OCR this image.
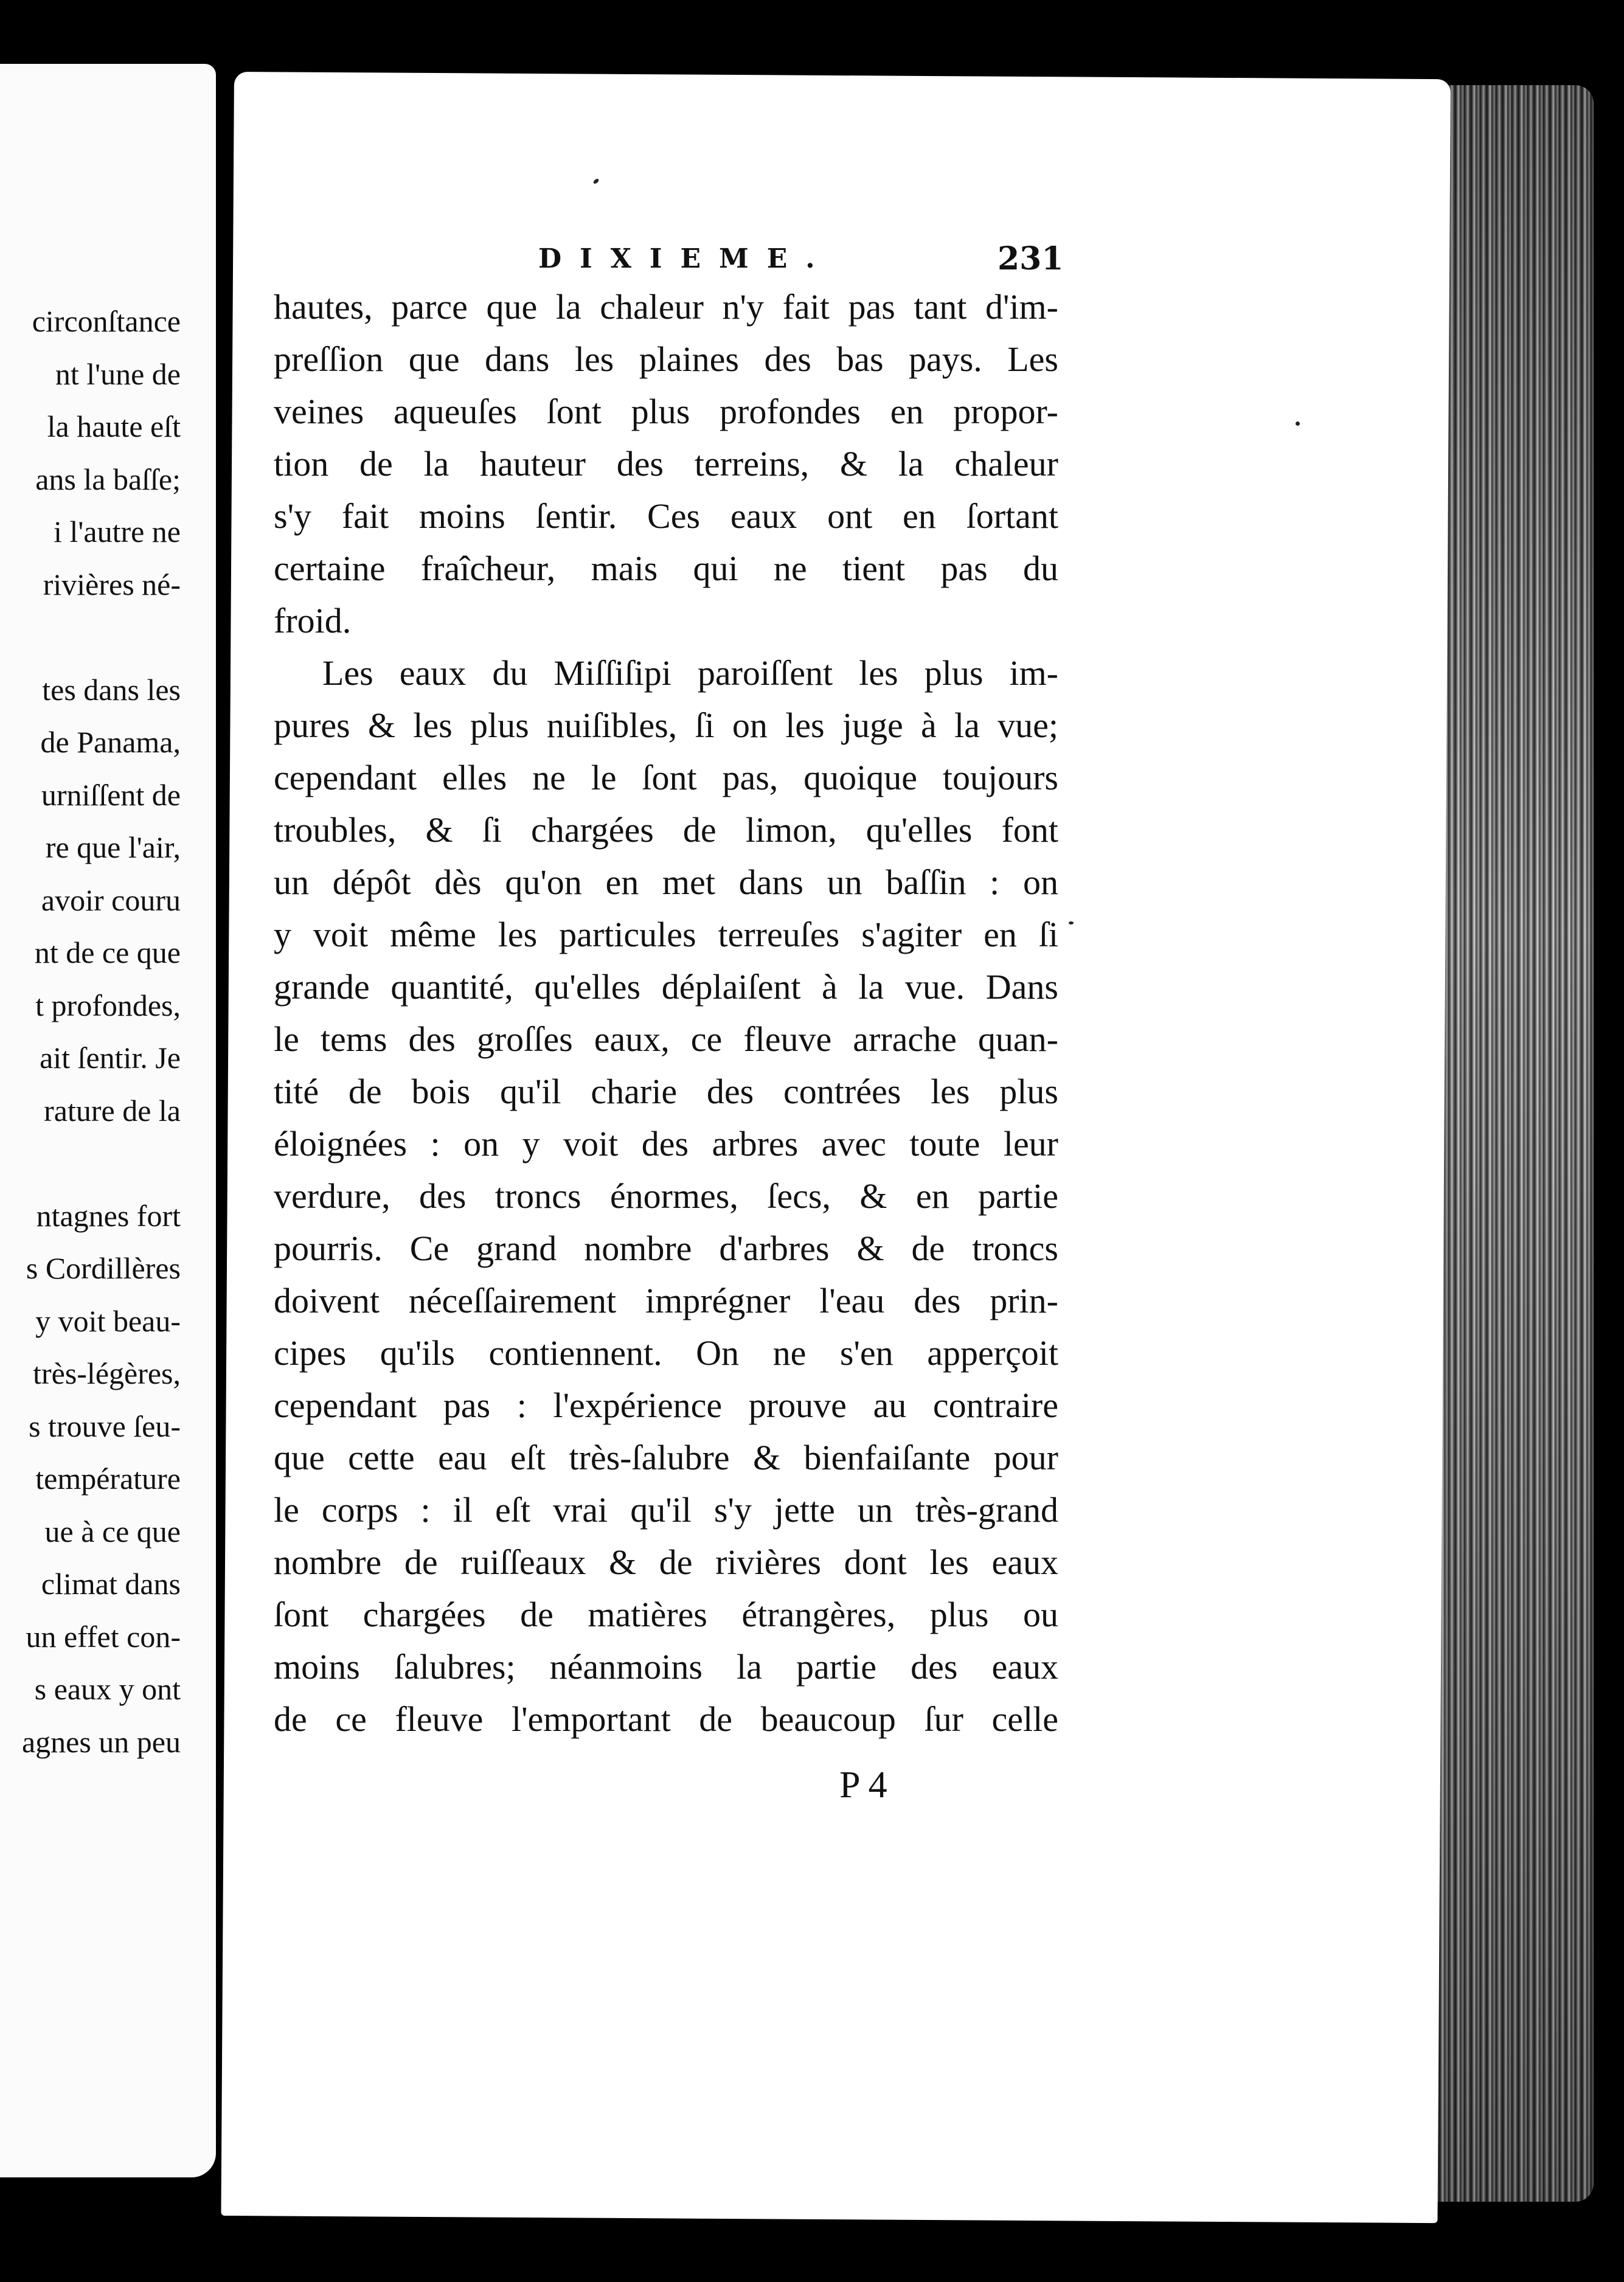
circonſtance
nt l'une de
la haute eſt
ans la baſſe;
i l'autre ne
rivières né-
tes dans les
de Panama,
urniſſent de
re que l'air,
avoir couru
nt de ce que
t profondes,
ait ſentir. Je
rature de la
ntagnes fort
s Cordillères
y voit beau-
très-légères,
s trouve ſeu-
température
ue à ce que
climat dans
un effet con-
s eaux y ont
agnes un peu
DIXIEME.	231
hautes, parce que la chaleur n'y fait pas tant d'im-
preſſion que dans les plaines des bas pays. Les
veines aqueuſes ſont plus profondes en propor-
tion de la hauteur des terreins, & la chaleur
s'y fait moins ſentir. Ces eaux ont en ſortant
certaine fraîcheur, mais qui ne tient pas du
froid.
Les eaux du Miſſiſipi paroiſſent les plus im-
pures & les plus nuiſibles, ſi on les juge à la vue;
cependant elles ne le ſont pas, quoique toujours
troubles, & ſi chargées de limon, qu'elles font
un dépôt dès qu'on en met dans un baſſin : on
y voit même les particules terreuſes s'agiter en ſi
grande quantité, qu'elles déplaiſent à la vue. Dans
le tems des groſſes eaux, ce fleuve arrache quan-
tité de bois qu'il charie des contrées les plus
éloignées : on y voit des arbres avec toute leur
verdure, des troncs énormes, ſecs, & en partie
pourris. Ce grand nombre d'arbres & de troncs
doivent néceſſairement imprégner l'eau des prin-
cipes qu'ils contiennent. On ne s'en apperçoit
cependant pas : l'expérience prouve au contraire
que cette eau eſt très-ſalubre & bienfaiſante pour
le corps : il eſt vrai qu'il s'y jette un très-grand
nombre de ruiſſeaux & de rivières dont les eaux
ſont chargées de matières étrangères, plus ou
moins ſalubres; néanmoins la partie des eaux
de ce fleuve l'emportant de beaucoup ſur celle
P 4
